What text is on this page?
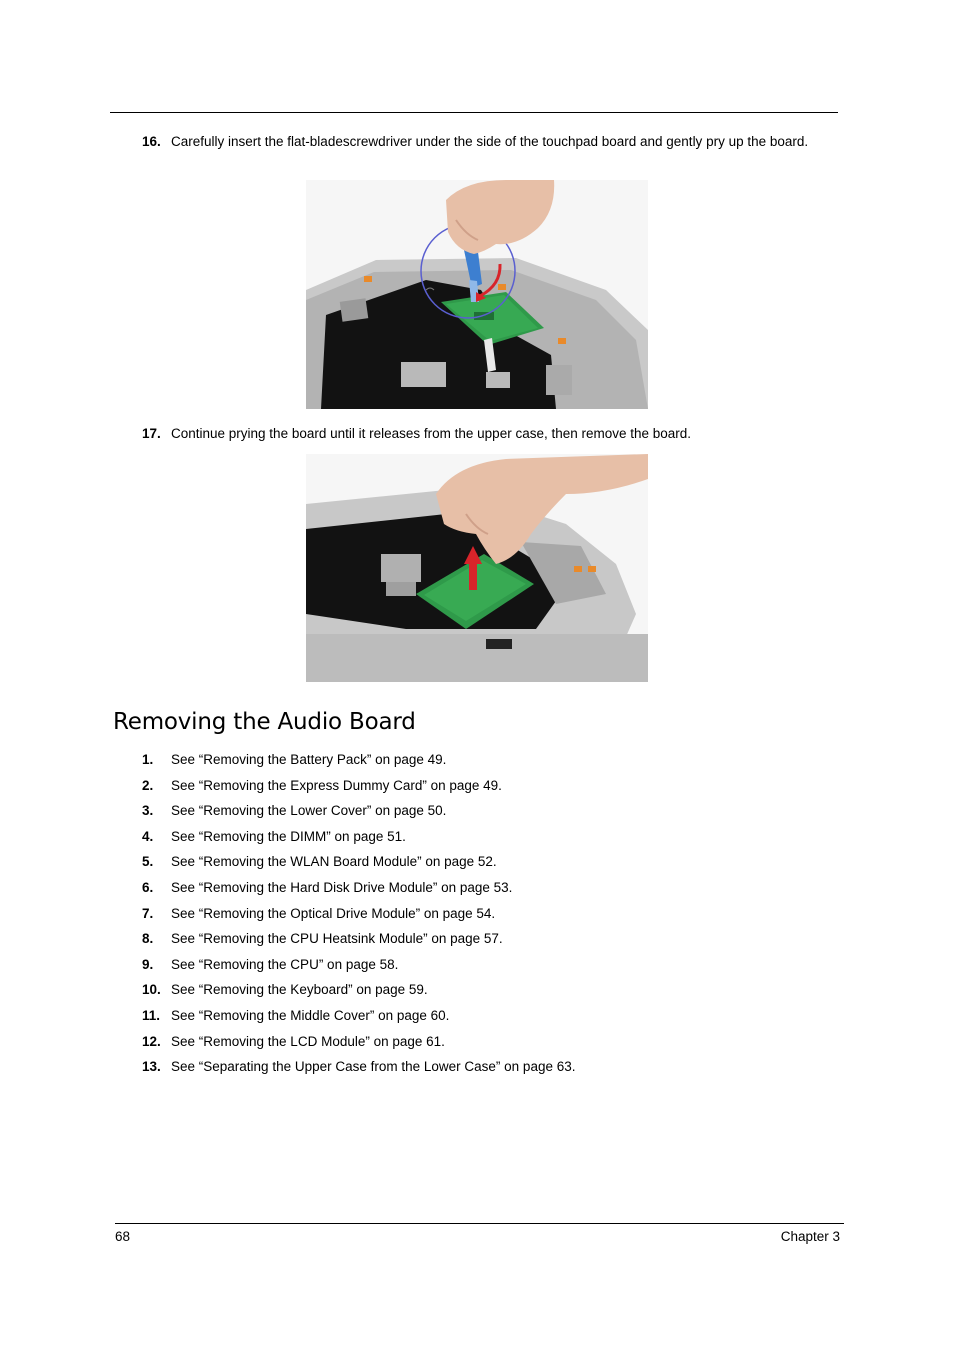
16. Carefully insert the flat-bladescrewdriver under the side of the touchpad board and gently pry up the board.
17. Continue prying the board until it releases from the upper case, then remove the board.
Removing the Audio Board
1. See “Removing the Battery Pack” on page 49.
2. See “Removing the Express Dummy Card” on page 49.
3. See “Removing the Lower Cover” on page 50.
4. See “Removing the DIMM” on page 51.
5. See “Removing the WLAN Board Module” on page 52.
6. See “Removing the Hard Disk Drive Module” on page 53.
7. See “Removing the Optical Drive Module” on page 54.
8. See “Removing the CPU Heatsink Module” on page 57.
9. See “Removing the CPU” on page 58.
10. See “Removing the Keyboard” on page 59.
11. See “Removing the Middle Cover” on page 60.
12. See “Removing the LCD Module” on page 61.
13. See “Separating the Upper Case from the Lower Case” on page 63.
68	Chapter 3
